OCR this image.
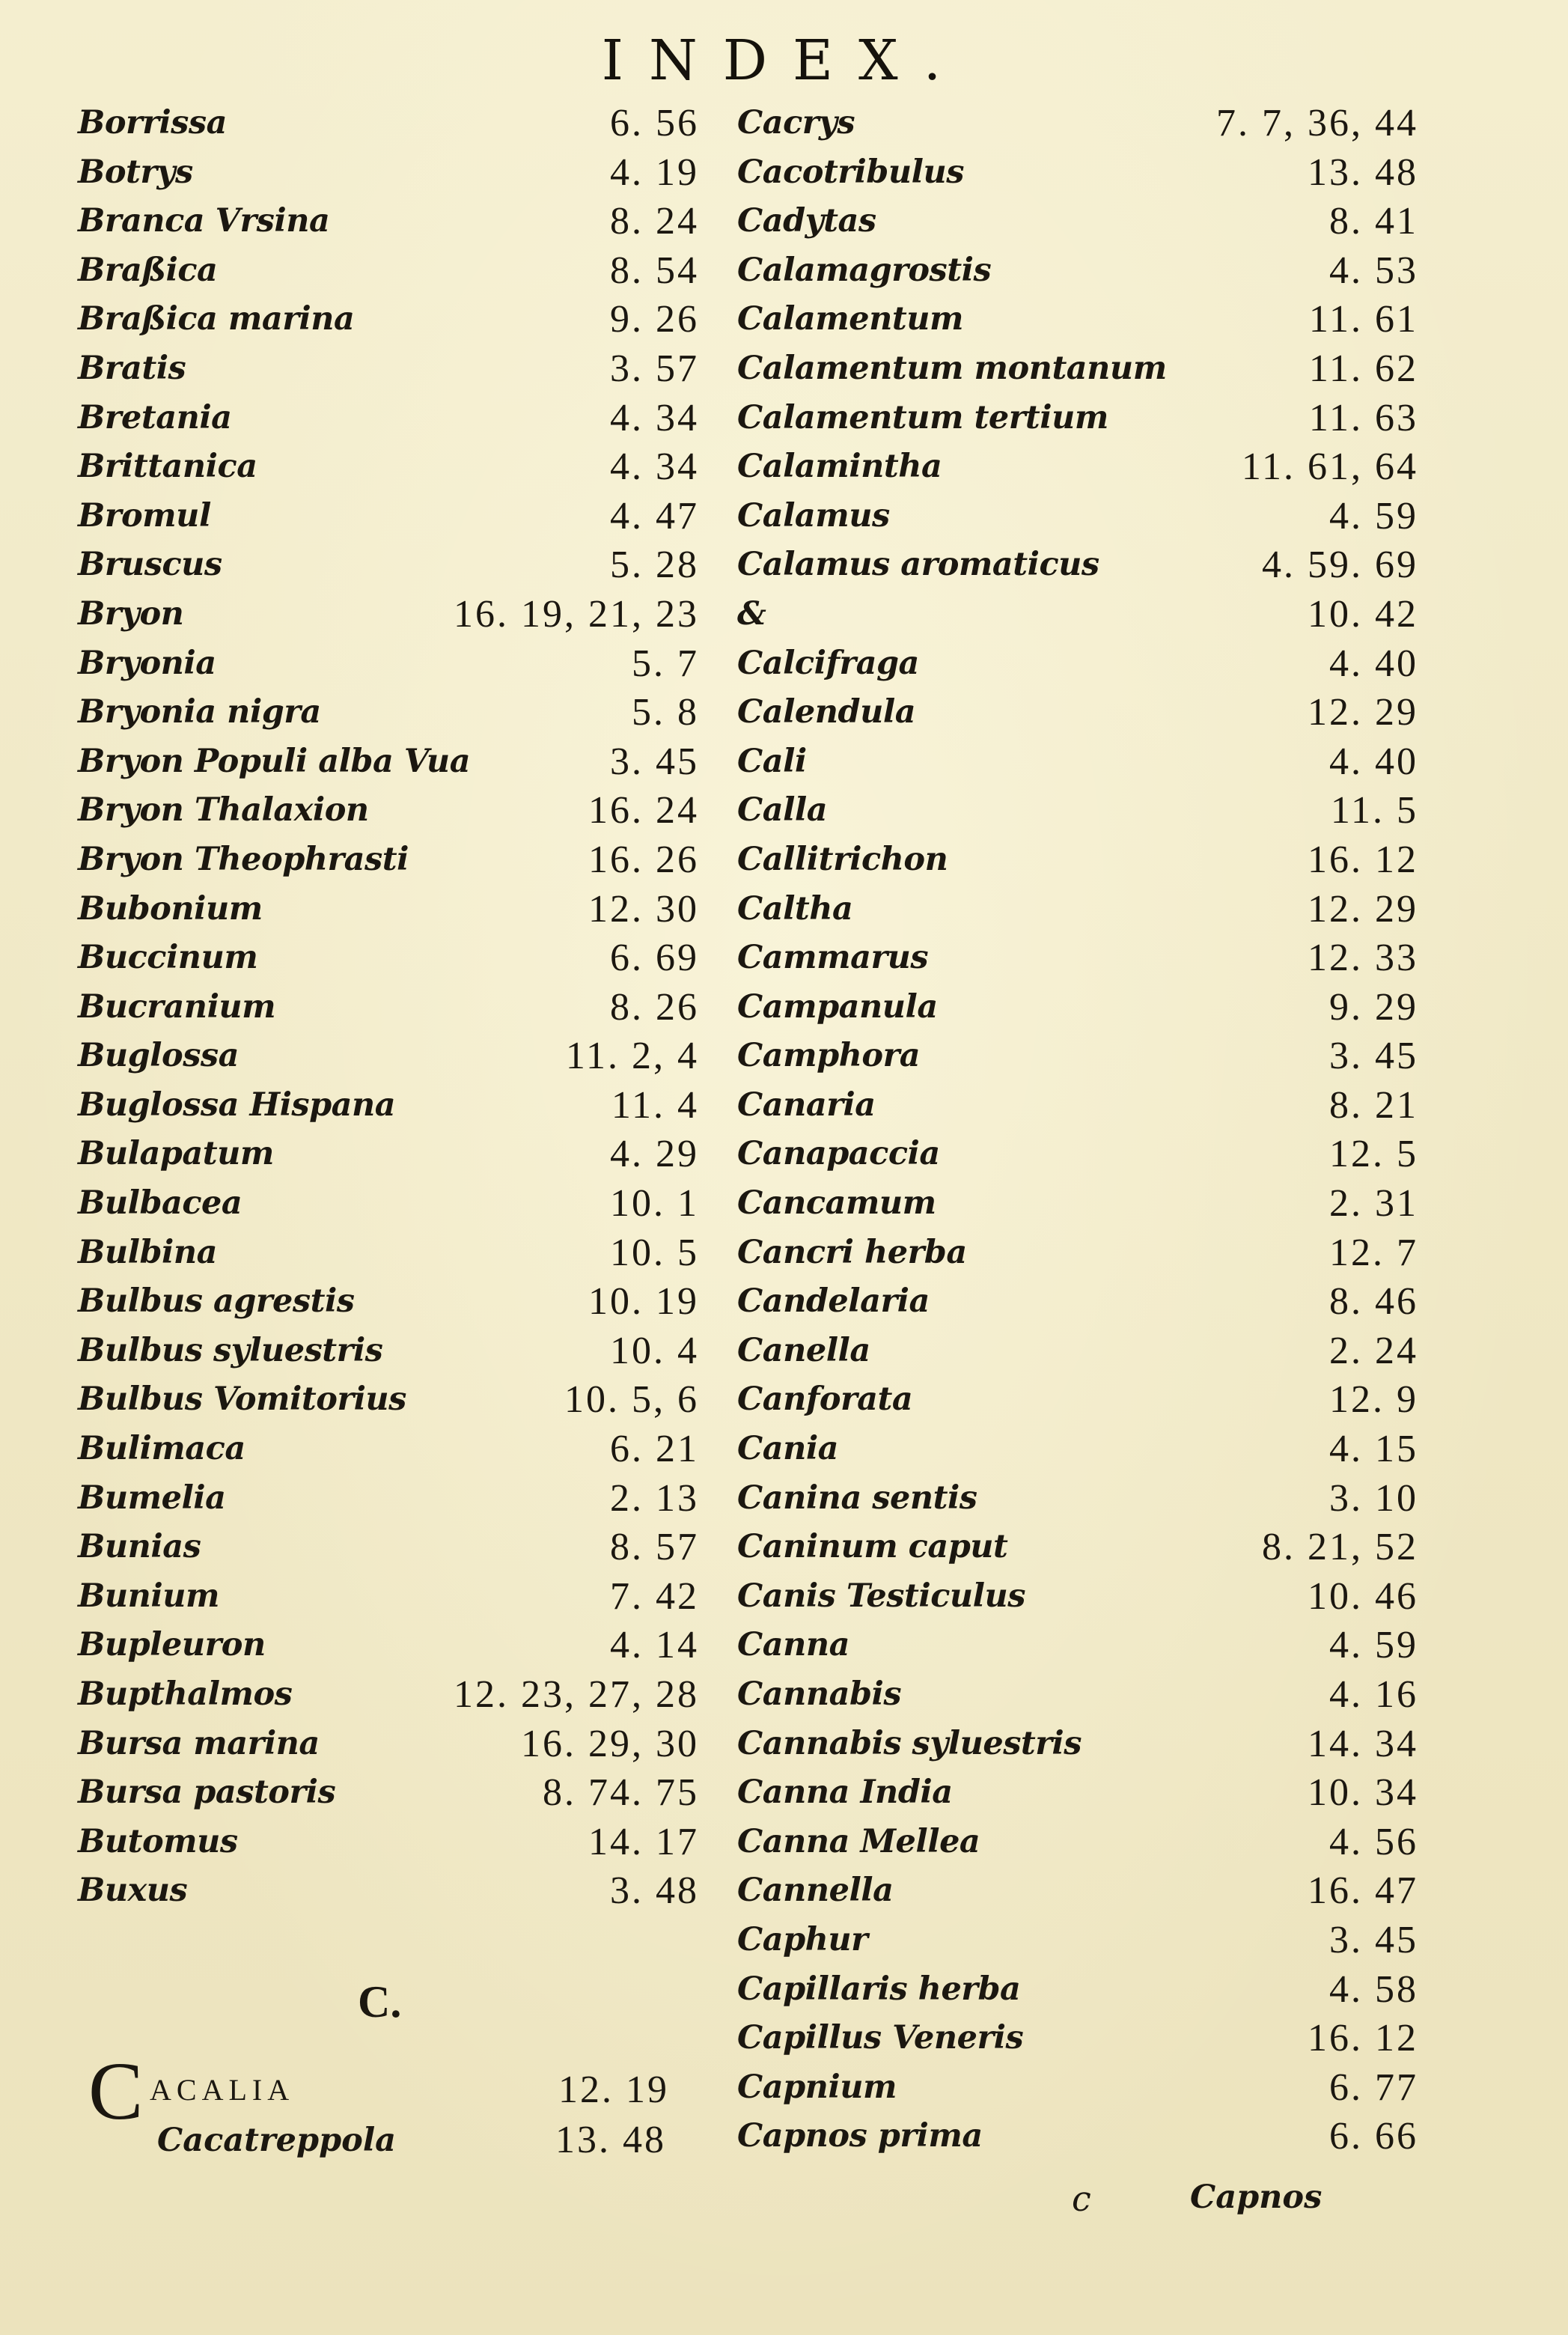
INDEX.
Borrissa	6. 56
Botrys	4. 19
Branca Vrsina	8. 24
Braßica	8. 54
Braßica marina	9. 26
Bratis	3. 57
Bretania	4. 34
Brittanica	4. 34
Bromul	4. 47
Bruscus	5. 28
Bryon	16. 19, 21, 23
Bryonia	5. 7
Bryonia nigra	5. 8
Bryon Populi alba Vua	3. 45
Bryon Thalaxion	16. 24
Bryon Theophrasti	16. 26
Bubonium	12. 30
Buccinum	6. 69
Bucranium	8. 26
Buglossa	11. 2, 4
Buglossa Hispana	11. 4
Bulapatum	4. 29
Bulbacea	10. 1
Bulbina	10. 5
Bulbus agrestis	10. 19
Bulbus syluestris	10. 4
Bulbus Vomitorius	10. 5, 6
Bulimaca	6. 21
Bumelia	2. 13
Bunias	8. 57
Bunium	7. 42
Bupleuron	4. 14
Bupthalmos	12. 23, 27, 28
Bursa marina	16. 29, 30
Bursa pastoris	8. 74. 75
Butomus	14. 17
Buxus	3. 48
Cacrys	7. 7, 36, 44
Cacotribulus	13. 48
Cadytas	8. 41
Calamagrostis	4. 53
Calamentum	11. 61
Calamentum montanum	11. 62
Calamentum tertium	11. 63
Calamintha	11. 61, 64
Calamus	4. 59
Calamus aromaticus	4. 59. 69
&	10. 42
Calcifraga	4. 40
Calendula	12. 29
Cali	4. 40
Calla	11. 5
Callitrichon	16. 12
Caltha	12. 29
Cammarus	12. 33
Campanula	9. 29
Camphora	3. 45
Canaria	8. 21
Canapaccia	12. 5
Cancamum	2. 31
Cancri herba	12. 7
Candelaria	8. 46
Canella	2. 24
Canforata	12. 9
Cania	4. 15
Canina sentis	3. 10
Caninum caput	8. 21, 52
Canis Testiculus	10. 46
Canna	4. 59
Cannabis	4. 16
Cannabis syluestris	14. 34
Canna India	10. 34
Canna Mellea	4. 56
Cannella	16. 47
Caphur	3. 45
Capillaris herba	4. 58
Capillus Veneris	16. 12
Capnium	6. 77
Capnos prima	6. 66
C.
C ACALIA	12. 19
Cacatreppola	13. 48
c	Capnos
